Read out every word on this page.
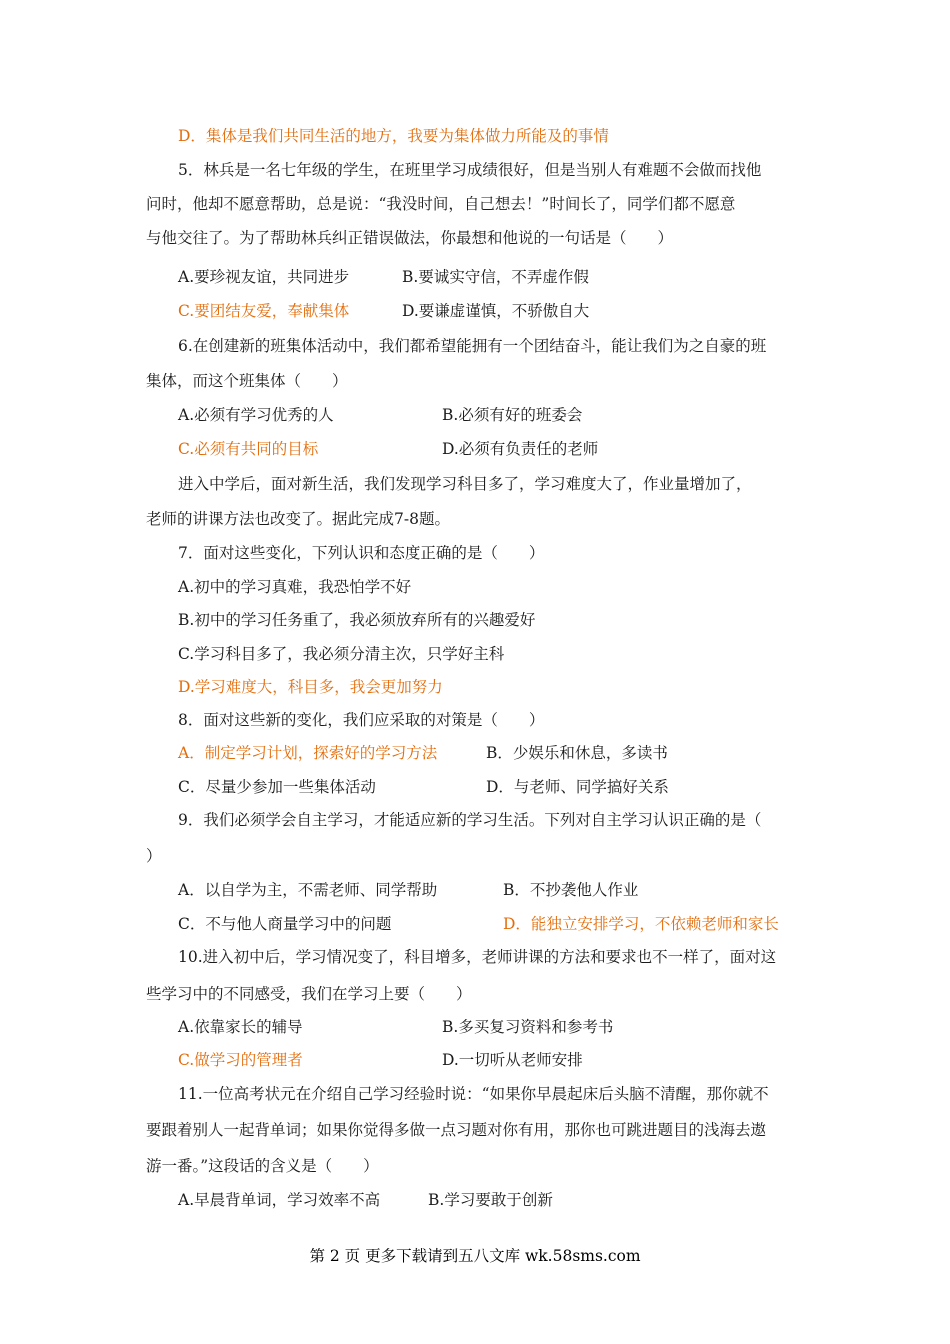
D．集体是我们共同生活的地方，我要为集体做力所能及的事情
5．林兵是一名七年级的学生，在班里学习成绩很好，但是当别人有难题不会做而找他
问时，他却不愿意帮助，总是说：“我没时间，自己想去！”时间长了，同学们都不愿意
与他交往了。为了帮助林兵纠正错误做法，你最想和他说的一句话是（　　）
A.要珍视友谊，共同进步	B.要诚实守信，不弄虚作假
C.要团结友爱，奉献集体	D.要谦虚谨慎，不骄傲自大
6.在创建新的班集体活动中，我们都希望能拥有一个团结奋斗，能让我们为之自豪的班
集体，而这个班集体（　　）
A.必须有学习优秀的人	B.必须有好的班委会
C.必须有共同的目标	D.必须有负责任的老师
进入中学后，面对新生活，我们发现学习科目多了，学习难度大了，作业量增加了，
老师的讲课方法也改变了。据此完成7-8题。
7．面对这些变化，下列认识和态度正确的是（　　）
A.初中的学习真难，我恐怕学不好
B.初中的学习任务重了，我必须放弃所有的兴趣爱好
C.学习科目多了，我必须分清主次，只学好主科
D.学习难度大，科目多，我会更加努力
8．面对这些新的变化，我们应采取的对策是（　　）
A．制定学习计划，探索好的学习方法	B．少娱乐和休息，多读书
C．尽量少参加一些集体活动	D．与老师、同学搞好关系
9．我们必须学会自主学习，才能适应新的学习生活。下列对自主学习认识正确的是（
）
A．以自学为主，不需老师、同学帮助	B．不抄袭他人作业
C．不与他人商量学习中的问题	D．能独立安排学习，不依赖老师和家长
10.进入初中后，学习情况变了，科目增多，老师讲课的方法和要求也不一样了，面对这
些学习中的不同感受，我们在学习上要（　　）
A.依靠家长的辅导	B.多买复习资料和参考书
C.做学习的管理者	D.一切听从老师安排
11.一位高考状元在介绍自己学习经验时说：“如果你早晨起床后头脑不清醒，那你就不
要跟着别人一起背单词；如果你觉得多做一点习题对你有用，那你也可跳进题目的浅海去遨
游一番。”这段话的含义是（　　）
A.早晨背单词，学习效率不高	B.学习要敢于创新
第 2 页 更多下载请到五八文库 wk.58sms.com
